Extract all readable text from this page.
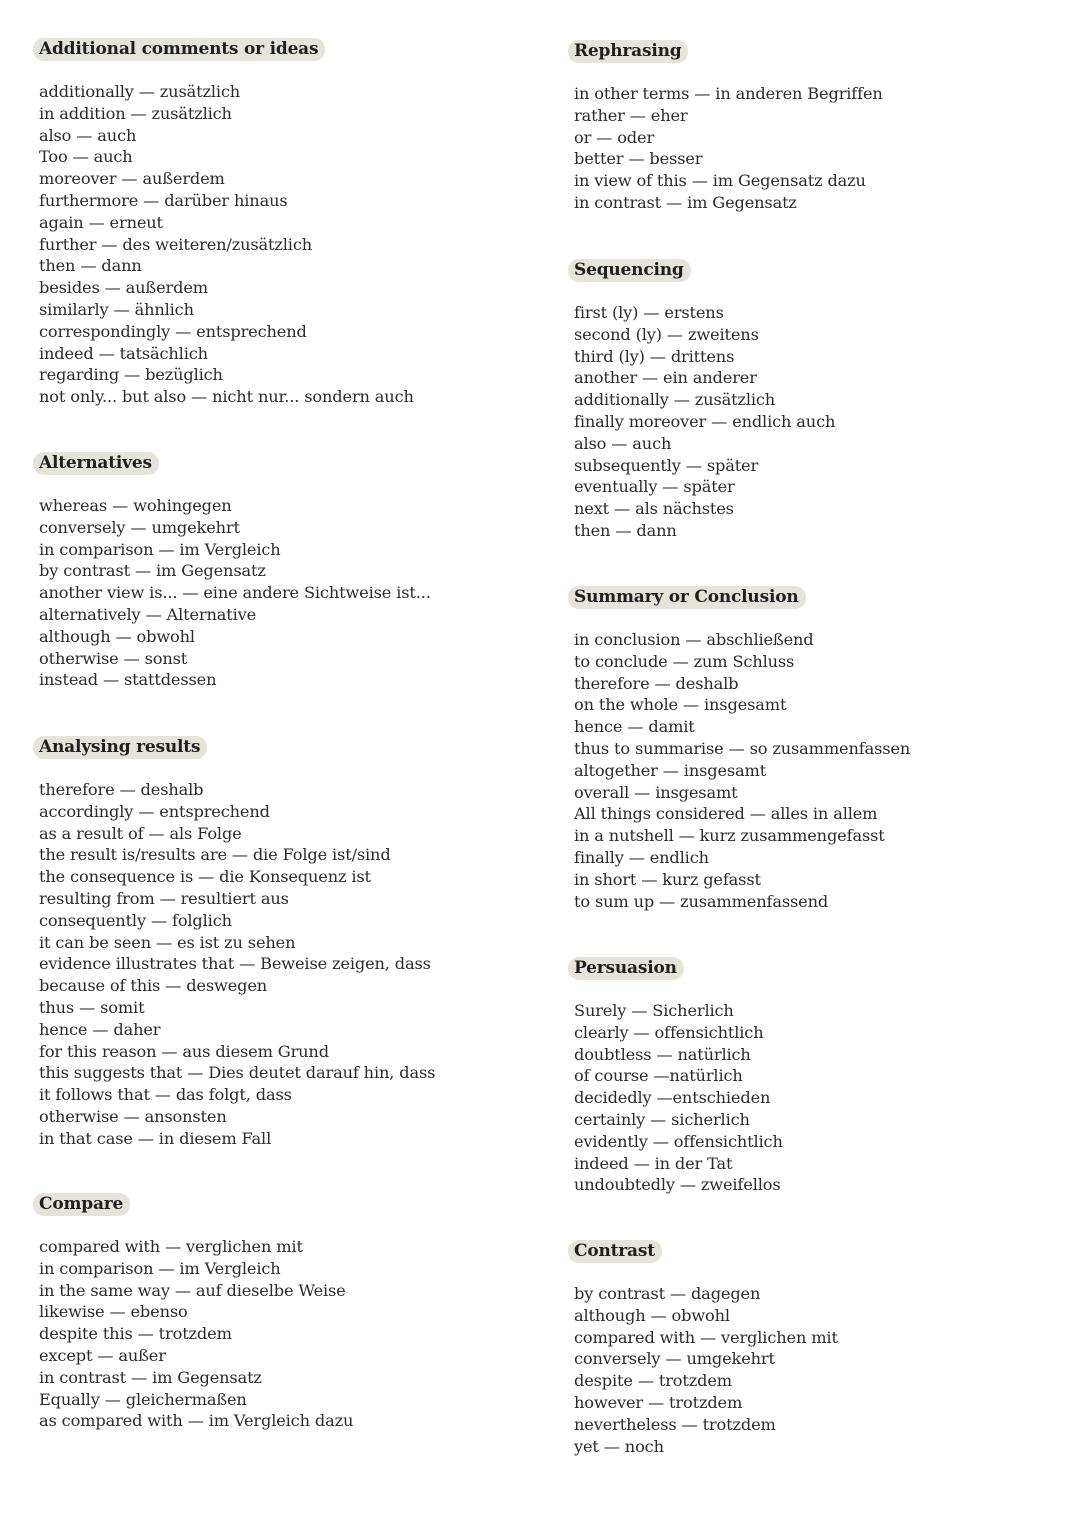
Additional comments or ideas
additionally — zusätzlich
in addition — zusätzlich
also — auch
Too — auch
moreover — außerdem
furthermore — darüber hinaus
again — erneut
further — des weiteren/zusätzlich
then — dann
besides — außerdem
similarly — ähnlich
correspondingly — entsprechend
indeed — tatsächlich
regarding — bezüglich
not only... but also — nicht nur... sondern auch
Alternatives
whereas — wohingegen
conversely — umgekehrt
in comparison — im Vergleich
by contrast — im Gegensatz
another view is... — eine andere Sichtweise ist...
alternatively — Alternative
although — obwohl
otherwise — sonst
instead — stattdessen
Analysing results
therefore — deshalb
accordingly — entsprechend
as a result of — als Folge
the result is/results are — die Folge ist/sind
the consequence is — die Konsequenz ist
resulting from — resultiert aus
consequently — folglich
it can be seen — es ist zu sehen
evidence illustrates that — Beweise zeigen, dass
because of this — deswegen
thus — somit
hence — daher
for this reason — aus diesem Grund
this suggests that — Dies deutet darauf hin, dass
it follows that — das folgt, dass
otherwise — ansonsten
in that case — in diesem Fall
Compare
compared with — verglichen mit
in comparison — im Vergleich
in the same way — auf dieselbe Weise
likewise — ebenso
despite this — trotzdem
except — außer
in contrast — im Gegensatz
Equally — gleichermaßen
as compared with — im Vergleich dazu
Rephrasing
in other terms — in anderen Begriffen
rather — eher
or — oder
better — besser
in view of this — im Gegensatz dazu
in contrast — im Gegensatz
Sequencing
first (ly) — erstens
second (ly) — zweitens
third (ly) — drittens
another — ein anderer
additionally — zusätzlich
finally moreover — endlich auch
also — auch
subsequently — später
eventually — später
next — als nächstes
then — dann
Summary or Conclusion
in conclusion — abschließend
to conclude — zum Schluss
therefore — deshalb
on the whole — insgesamt
hence — damit
thus to summarise — so zusammenfassen
altogether — insgesamt
overall — insgesamt
All things considered — alles in allem
in a nutshell — kurz zusammengefasst
finally — endlich
in short — kurz gefasst
to sum up — zusammenfassend
Persuasion
Surely — Sicherlich
clearly — offensichtlich
doubtless — natürlich
of course —natürlich
decidedly —entschieden
certainly — sicherlich
evidently — offensichtlich
indeed — in der Tat
undoubtedly — zweifellos
Contrast
by contrast — dagegen
although — obwohl
compared with — verglichen mit
conversely — umgekehrt
despite — trotzdem
however — trotzdem
nevertheless — trotzdem
yet — noch
